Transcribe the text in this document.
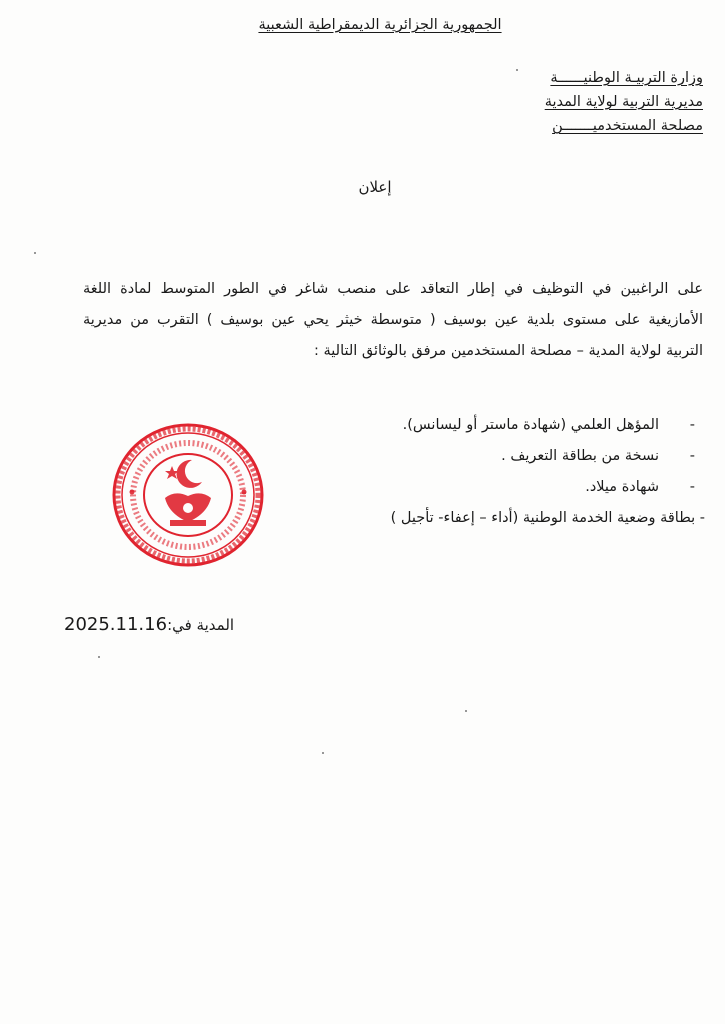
الجمهورية الجزائرية الديمقراطية الشعبية
وزارة التربيـة الوطنيــــــة
مديرية التربية لولاية المدية
مصلحة المستخدميـــــــن
إعلان

على الراغبين في التوظيف في إطار التعاقد على منصب شاغر في الطور المتوسط لمادة اللغة

الأمازيغية على مستوى بلدية عين بوسيف ( متوسطة خيثر يحي عين بوسيف ) التقرب من مديرية

التربية لولاية المدية – مصلحة المستخدمين مرفق بالوثائق التالية :

-المؤهل العلمي (شهادة ماستر أو ليسانس).
-نسخة من بطاقة التعريف .
-شهادة ميلاد.
- بطاقة وضعية الخدمة الوطنية (أداء – إعفاء- تأجيل )
2025.11.16المدية في:
